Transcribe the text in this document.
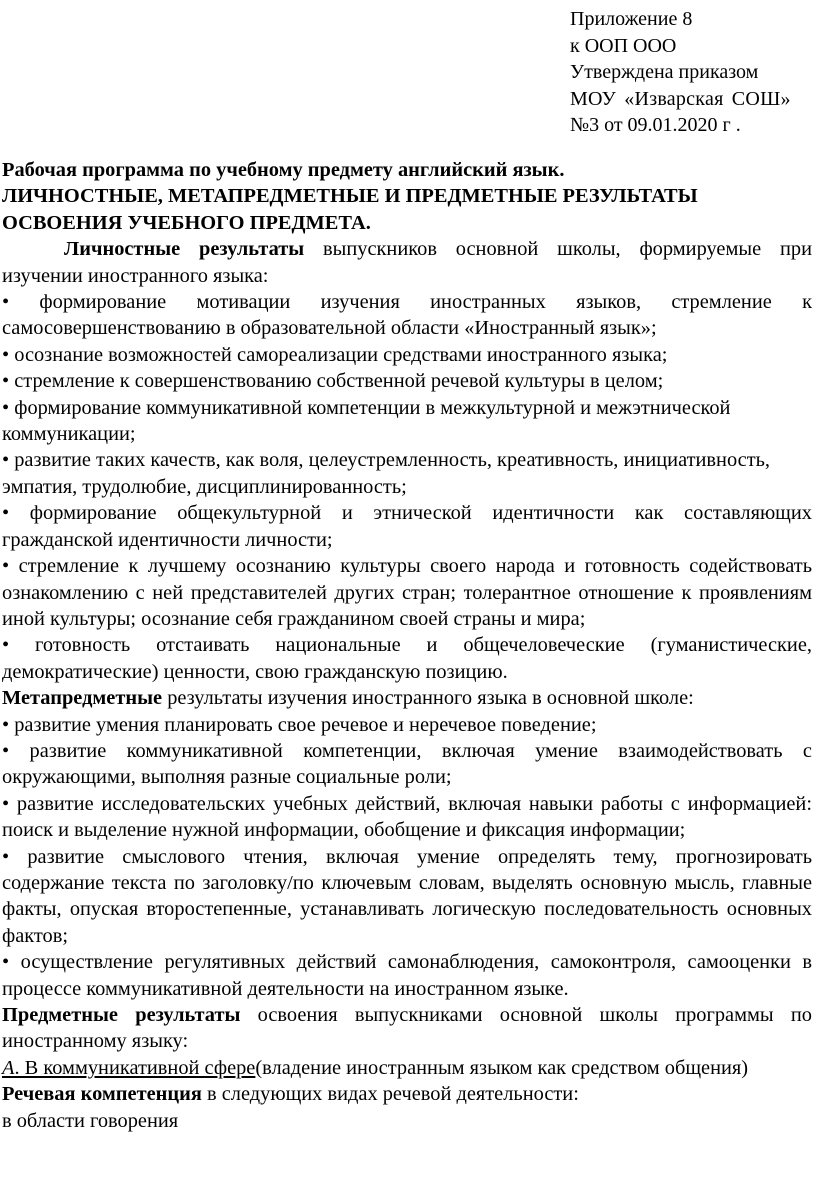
Приложение 8
к ООП ООО
Утверждена приказом
МОУ «Изварская СОШ»
№3 от 09.01.2020 г .
Рабочая программа по учебному предмету английский язык.
ЛИЧНОСТНЫЕ, МЕТАПРЕДМЕТНЫЕ И ПРЕДМЕТНЫЕ РЕЗУЛЬТАТЫ ОСВОЕНИЯ УЧЕБНОГО ПРЕДМЕТА.

Личностные результаты выпускников основной школы, формируемые при изучении иностранного языка:

• формирование мотивации изучения иностранных языков, стремление к самосовершенствованию в образовательной области «Иностранный язык»;

• осознание возможностей самореализации средствами иностранного языка;

• стремление к совершенствованию собственной речевой культуры в целом;

• формирование коммуникативной компетенции в межкультурной и межэтнической коммуникации;

• развитие таких качеств, как воля, целеустремленность, креативность, инициативность, эмпатия, трудолюбие, дисциплинированность;

• формирование общекультурной и этнической идентичности как составляющих гражданской идентичности личности;

• стремление к лучшему осознанию культуры своего народа и готовность содействовать ознакомлению с ней представителей других стран; толерантное отношение к проявлениям иной культуры; осознание себя гражданином своей страны и мира;

• готовность отстаивать национальные и общечеловеческие (гуманистические, демократические) ценности, свою гражданскую позицию.

Метапредметные результаты изучения иностранного языка в основной школе:

• развитие умения планировать свое речевое и неречевое поведение;

• развитие коммуникативной компетенции, включая умение взаимодействовать с окружающими, выполняя разные социальные роли;

• развитие исследовательских учебных действий, включая навыки работы с информацией: поиск и выделение нужной информации, обобщение и фиксация информации;

• развитие смыслового чтения, включая умение определять тему, прогнозировать содержание текста по заголовку/по ключевым словам, выделять основную мысль, главные факты, опуская второстепенные, устанавливать логическую последовательность основных фактов;

• осуществление регулятивных действий самонаблюдения, самоконтроля, самооценки в процессе коммуникативной деятельности на иностранном языке.

Предметные результаты освоения выпускниками основной школы программы по иностранному языку:

А. В коммуникативной сфере(владение иностранным языком как средством общения)

Речевая компетенция в следующих видах речевой деятельности:

в области говорения
